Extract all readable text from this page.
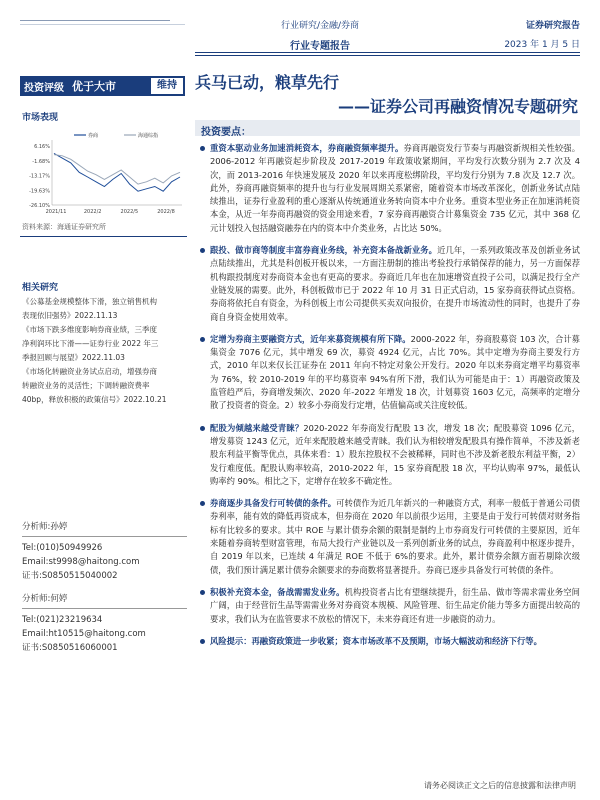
行业研究/金融/券商
行业专题报告
证券研究报告
2023 年 1 月 5 日
投资评级 优于大市	维持	兵马已动，粮草先行
——证券公司再融资情况专题研究
市场表现
6.16%
-1.68%
-13.17%
-19.63%
-26.10%
2021/11	2022/2	2022/5	2022/8
券商	海通综指
资料来源：海通证券研究所
相关研究
《公募基金规模整体下滑，独立销售机构
表现依旧强势》2022.11.13
《市场下跌多维度影响券商业绩，三季度
净利润环比下滑——证券行业 2022 年三
季报回顾与展望》2022.11.03
《市场化转融资业务试点启动，增强券商
转融资业务的灵活性；下调转融资费率
40bp，释放积极的政策信号》2022.10.21
分析师:孙婷
Tel:(010)50949926
Email:st9998@haitong.com
证书:S0850515040002
分析师:何婷
Tel:(021)23219634
Email:ht10515@haitong.com
证书:S0850516060001
投资要点：
重资本驱动业务加速消耗资本，券商融资频率提升。券商再融资发行节奏与再融资新规相关性较强。2006-2012 年再融资起步阶段及 2017-2019 年政策收紧期间，平均发行次数分别为 2.7 次及 4 次，而 2013-2016 年快速发展及 2020 年以来再度松绑阶段，平均发行分别为 7.8 次及 12.7 次。此外，券商再融资频率的提升也与行业发展周期关系紧密，随着资本市场改革深化，创新业务试点陆续推出，证券行业盈利的重心逐渐从传统通道业务转向资本中介业务。重资本型业务正在加速消耗资本金，从近一年券商再融资的资金用途来看，7 家券商再融资合计募集资金 735 亿元，其中 368 亿元计划投入包括融资融券在内的资本中介类业务，占比达 50%。
跟投、做市商等制度丰富券商业务线，补充资本备战新业务。近几年，一系列政策改革及创新业务试点陆续推出，尤其是科创板开板以来，一方面注册制的推出考验投行承销保荐的能力，另一方面保荐机构跟投制度对券商资本金也有更高的要求。券商近几年也在加速增资直投子公司，以满足投行全产业链发展的需要。此外，科创板做市已于 2022 年 10 月 31 日正式启动，15 家券商获得试点资格。券商将依托自有资金，为科创板上市公司提供买卖双向报价，在提升市场流动性的同时，也提升了券商自身资金使用效率。
定增为券商主要融资方式，近年来募资规模有所下降。2000-2022 年，券商股募资 103 次，合计募集资金 7076 亿元，其中增发 69 次，募资 4924 亿元，占比 70%。其中定增为券商主要发行方式，2010 年以来仅长江证券在 2011 年向不特定对象公开发行。2020 年以来券商定增平均募资率为 76%，较 2010-2019 年的平均募资率 94%有所下滑，我们认为可能是由于：1）再融资政策及监管趋严后，券商增发频次、2020 年-2022 年增发 18 次，计划募资 1603 亿元，高频率的定增分散了投资者的资金。2）较多小券商发行定增，估值偏高或关注度较低。
配股为倾越来越受青睐？2020-2022 年券商发行配股 13 次，增发 18 次；配股募资 1096 亿元，增发募资 1243 亿元，近年来配股越来越受青睐。我们认为相较增发配股具有操作简单，不涉及新老股东利益平衡等优点，具体来看：1）股东控股权不会被稀释，同时也不涉及新老股东利益平衡，2）发行难度低。配股认购率较高，2010-2022 年，15 家券商配股 18 次，平均认购率 97%，最低认购率约 90%。相比之下，定增存在较多不确定性。
券商逐步具备发行可转债的条件。可转债作为近几年新兴的一种融资方式，利率一般低于普通公司债券利率，能有效的降低再资成本，但券商在 2020 年以前很少运用，主要是由于发行可转债对财务指标有比较多的要求。其中 ROE 与累计债券余额的限制是制约上市券商发行可转债的主要原因，近年来随着券商转型财富管理，布局大投行产业链以及一系列创新业务的试点，券商盈利中枢逐步提升，自 2019 年以来，已连续 4 年满足 ROE 不低于 6%的要求。此外，累计债券余额方面若剔除次级债，我们预计满足累计债券余额要求的券商数将显著提升。券商已逐步具备发行可转债的条件。
积极补充资本金，备战需需发业务。机构投资者占比有望继续提升，衍生品、做市等需求需业务空间广阔，由于经营衍生品等需需业务对券商资本规模、风险管理、衍生品定价能力等多方面提出较高的要求，我们认为在监管要求不放松的情况下，未来券商还有进一步融资的动力。
风险提示：再融资政策进一步收紧；资本市场改革不及预期，市场大幅波动和经济下行等。
请务必阅读正文之后的信息披露和法律声明
